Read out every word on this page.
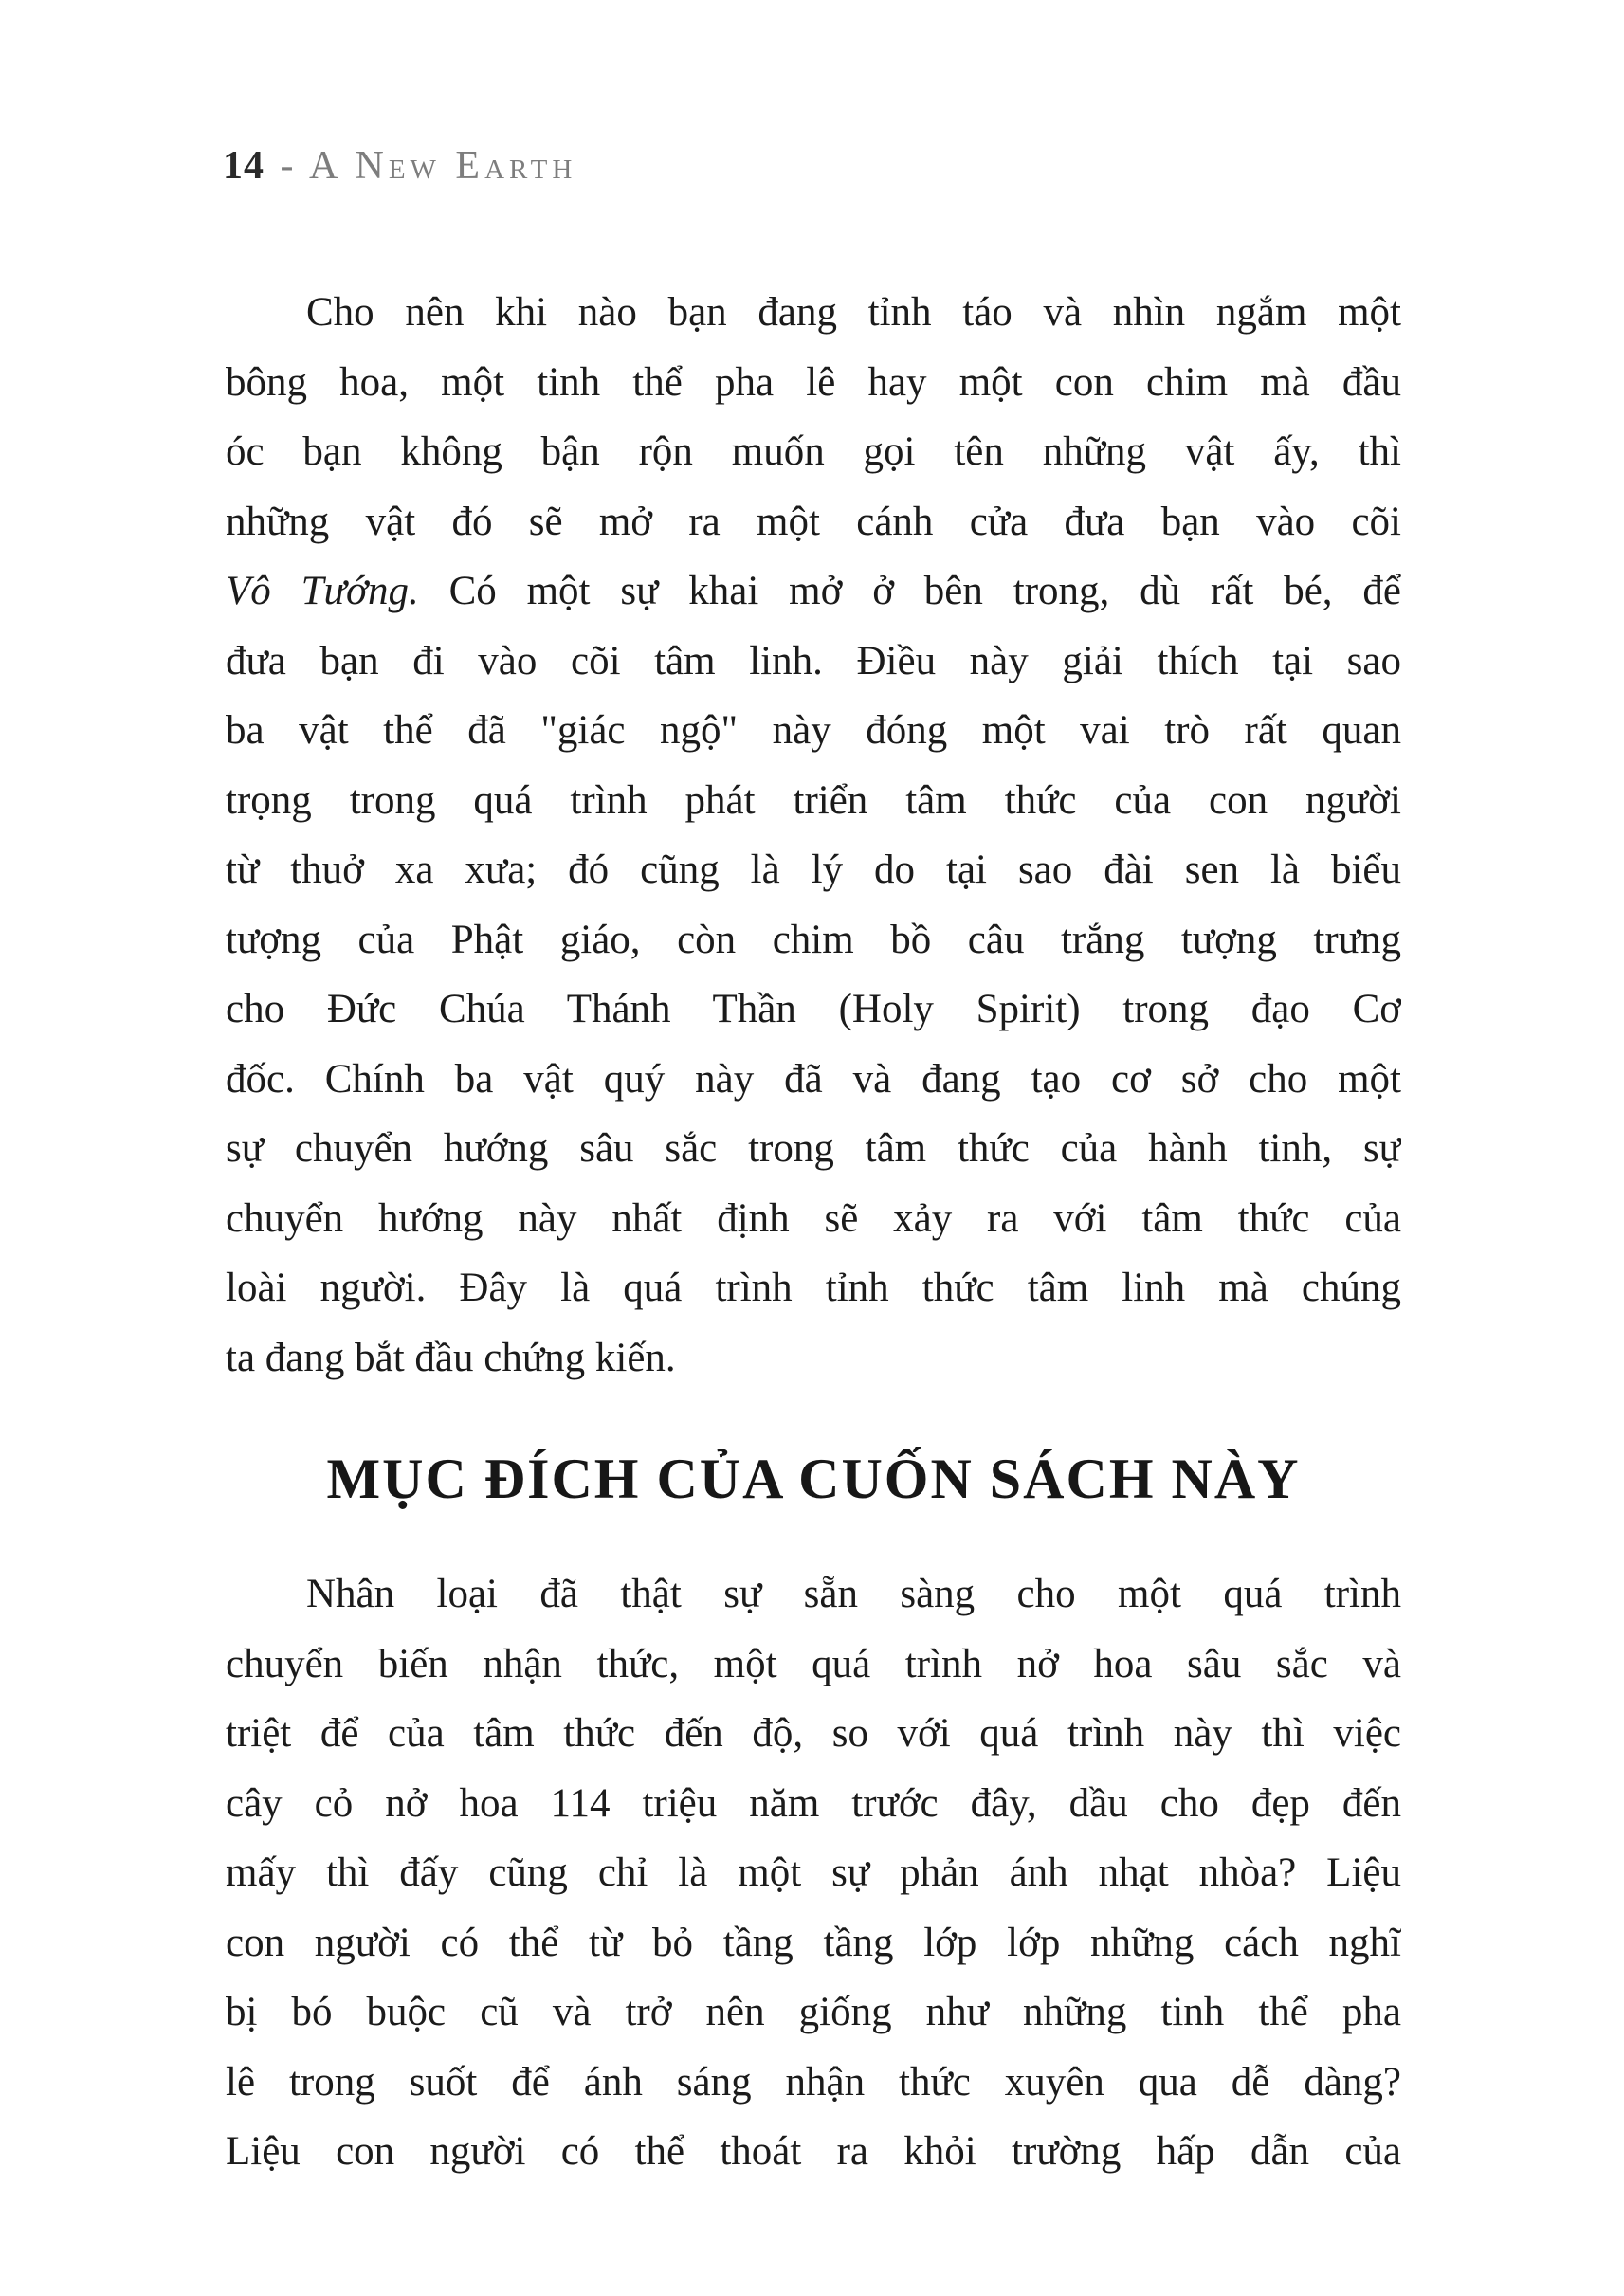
14 - A New Earth
Cho nên khi nào bạn đang tỉnh táo và nhìn ngắm một
bông hoa, một tinh thể pha lê hay một con chim mà đầu
óc bạn không bận rộn muốn gọi tên những vật ấy, thì
những vật đó sẽ mở ra một cánh cửa đưa bạn vào cõi
Vô Tướng. Có một sự khai mở ở bên trong, dù rất bé, để
đưa bạn đi vào cõi tâm linh. Điều này giải thích tại sao
ba vật thể đã "giác ngộ" này đóng một vai trò rất quan
trọng trong quá trình phát triển tâm thức của con người
từ thuở xa xưa; đó cũng là lý do tại sao đài sen là biểu
tượng của Phật giáo, còn chim bồ câu trắng tượng trưng
cho Đức Chúa Thánh Thần (Holy Spirit) trong đạo Cơ
đốc. Chính ba vật quý này đã và đang tạo cơ sở cho một
sự chuyển hướng sâu sắc trong tâm thức của hành tinh, sự
chuyển hướng này nhất định sẽ xảy ra với tâm thức của
loài người. Đây là quá trình tỉnh thức tâm linh mà chúng
ta đang bắt đầu chứng kiến.
MỤC ĐÍCH CỦA CUỐN SÁCH NÀY
Nhân loại đã thật sự sẵn sàng cho một quá trình
chuyển biến nhận thức, một quá trình nở hoa sâu sắc và
triệt để của tâm thức đến độ, so với quá trình này thì việc
cây cỏ nở hoa 114 triệu năm trước đây, dầu cho đẹp đến
mấy thì đấy cũng chỉ là một sự phản ánh nhạt nhòa? Liệu
con người có thể từ bỏ tầng tầng lớp lớp những cách nghĩ
bị bó buộc cũ và trở nên giống như những tinh thể pha
lê trong suốt để ánh sáng nhận thức xuyên qua dễ dàng?
Liệu con người có thể thoát ra khỏi trường hấp dẫn của
